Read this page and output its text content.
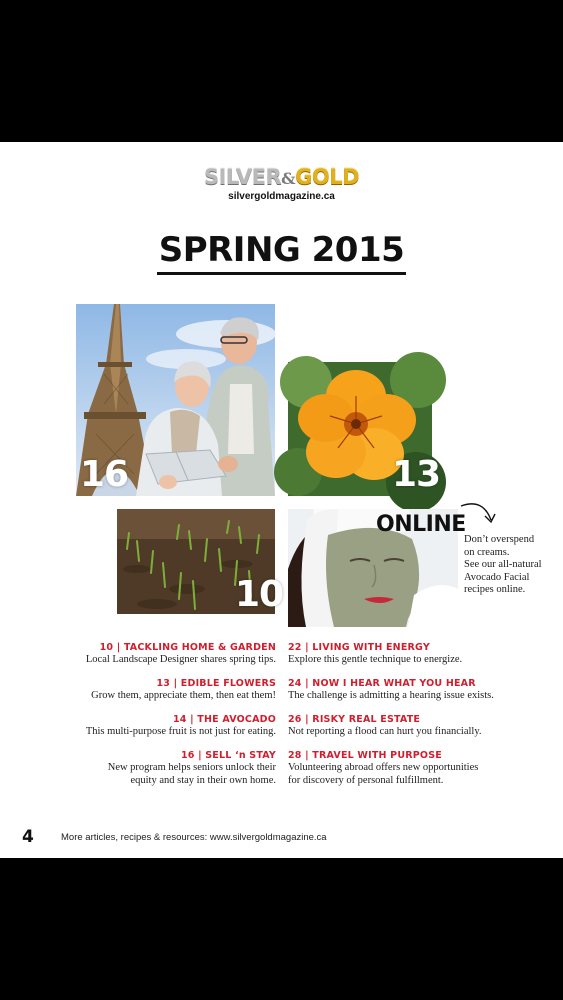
SILVER&GOLD
silvergoldmagazine.ca
SPRING 2015
16	13
10
ONLINE
Don’t overspend
on creams.
See our all-natural
Avocado Facial
recipes online.
10 | TACKLING HOME & GARDEN
Local Landscape Designer shares spring tips.
13 | EDIBLE FLOWERS
Grow them, appreciate them, then eat them!
14 | THE AVOCADO
This multi-purpose fruit is not just for eating.
16 | SELL ‘n STAY
New program helps seniors unlock their
equity and stay in their own home.
22 | LIVING WITH ENERGY
Explore this gentle technique to energize.
24 | NOW I HEAR WHAT YOU HEAR
The challenge is admitting a hearing issue exists.
26 | RISKY REAL ESTATE
Not reporting a flood can hurt you financially.
28 | TRAVEL WITH PURPOSE
Volunteering abroad offers new opportunities
for discovery of personal fulfillment.
4	More articles, recipes & resources: www.silvergoldmagazine.ca
